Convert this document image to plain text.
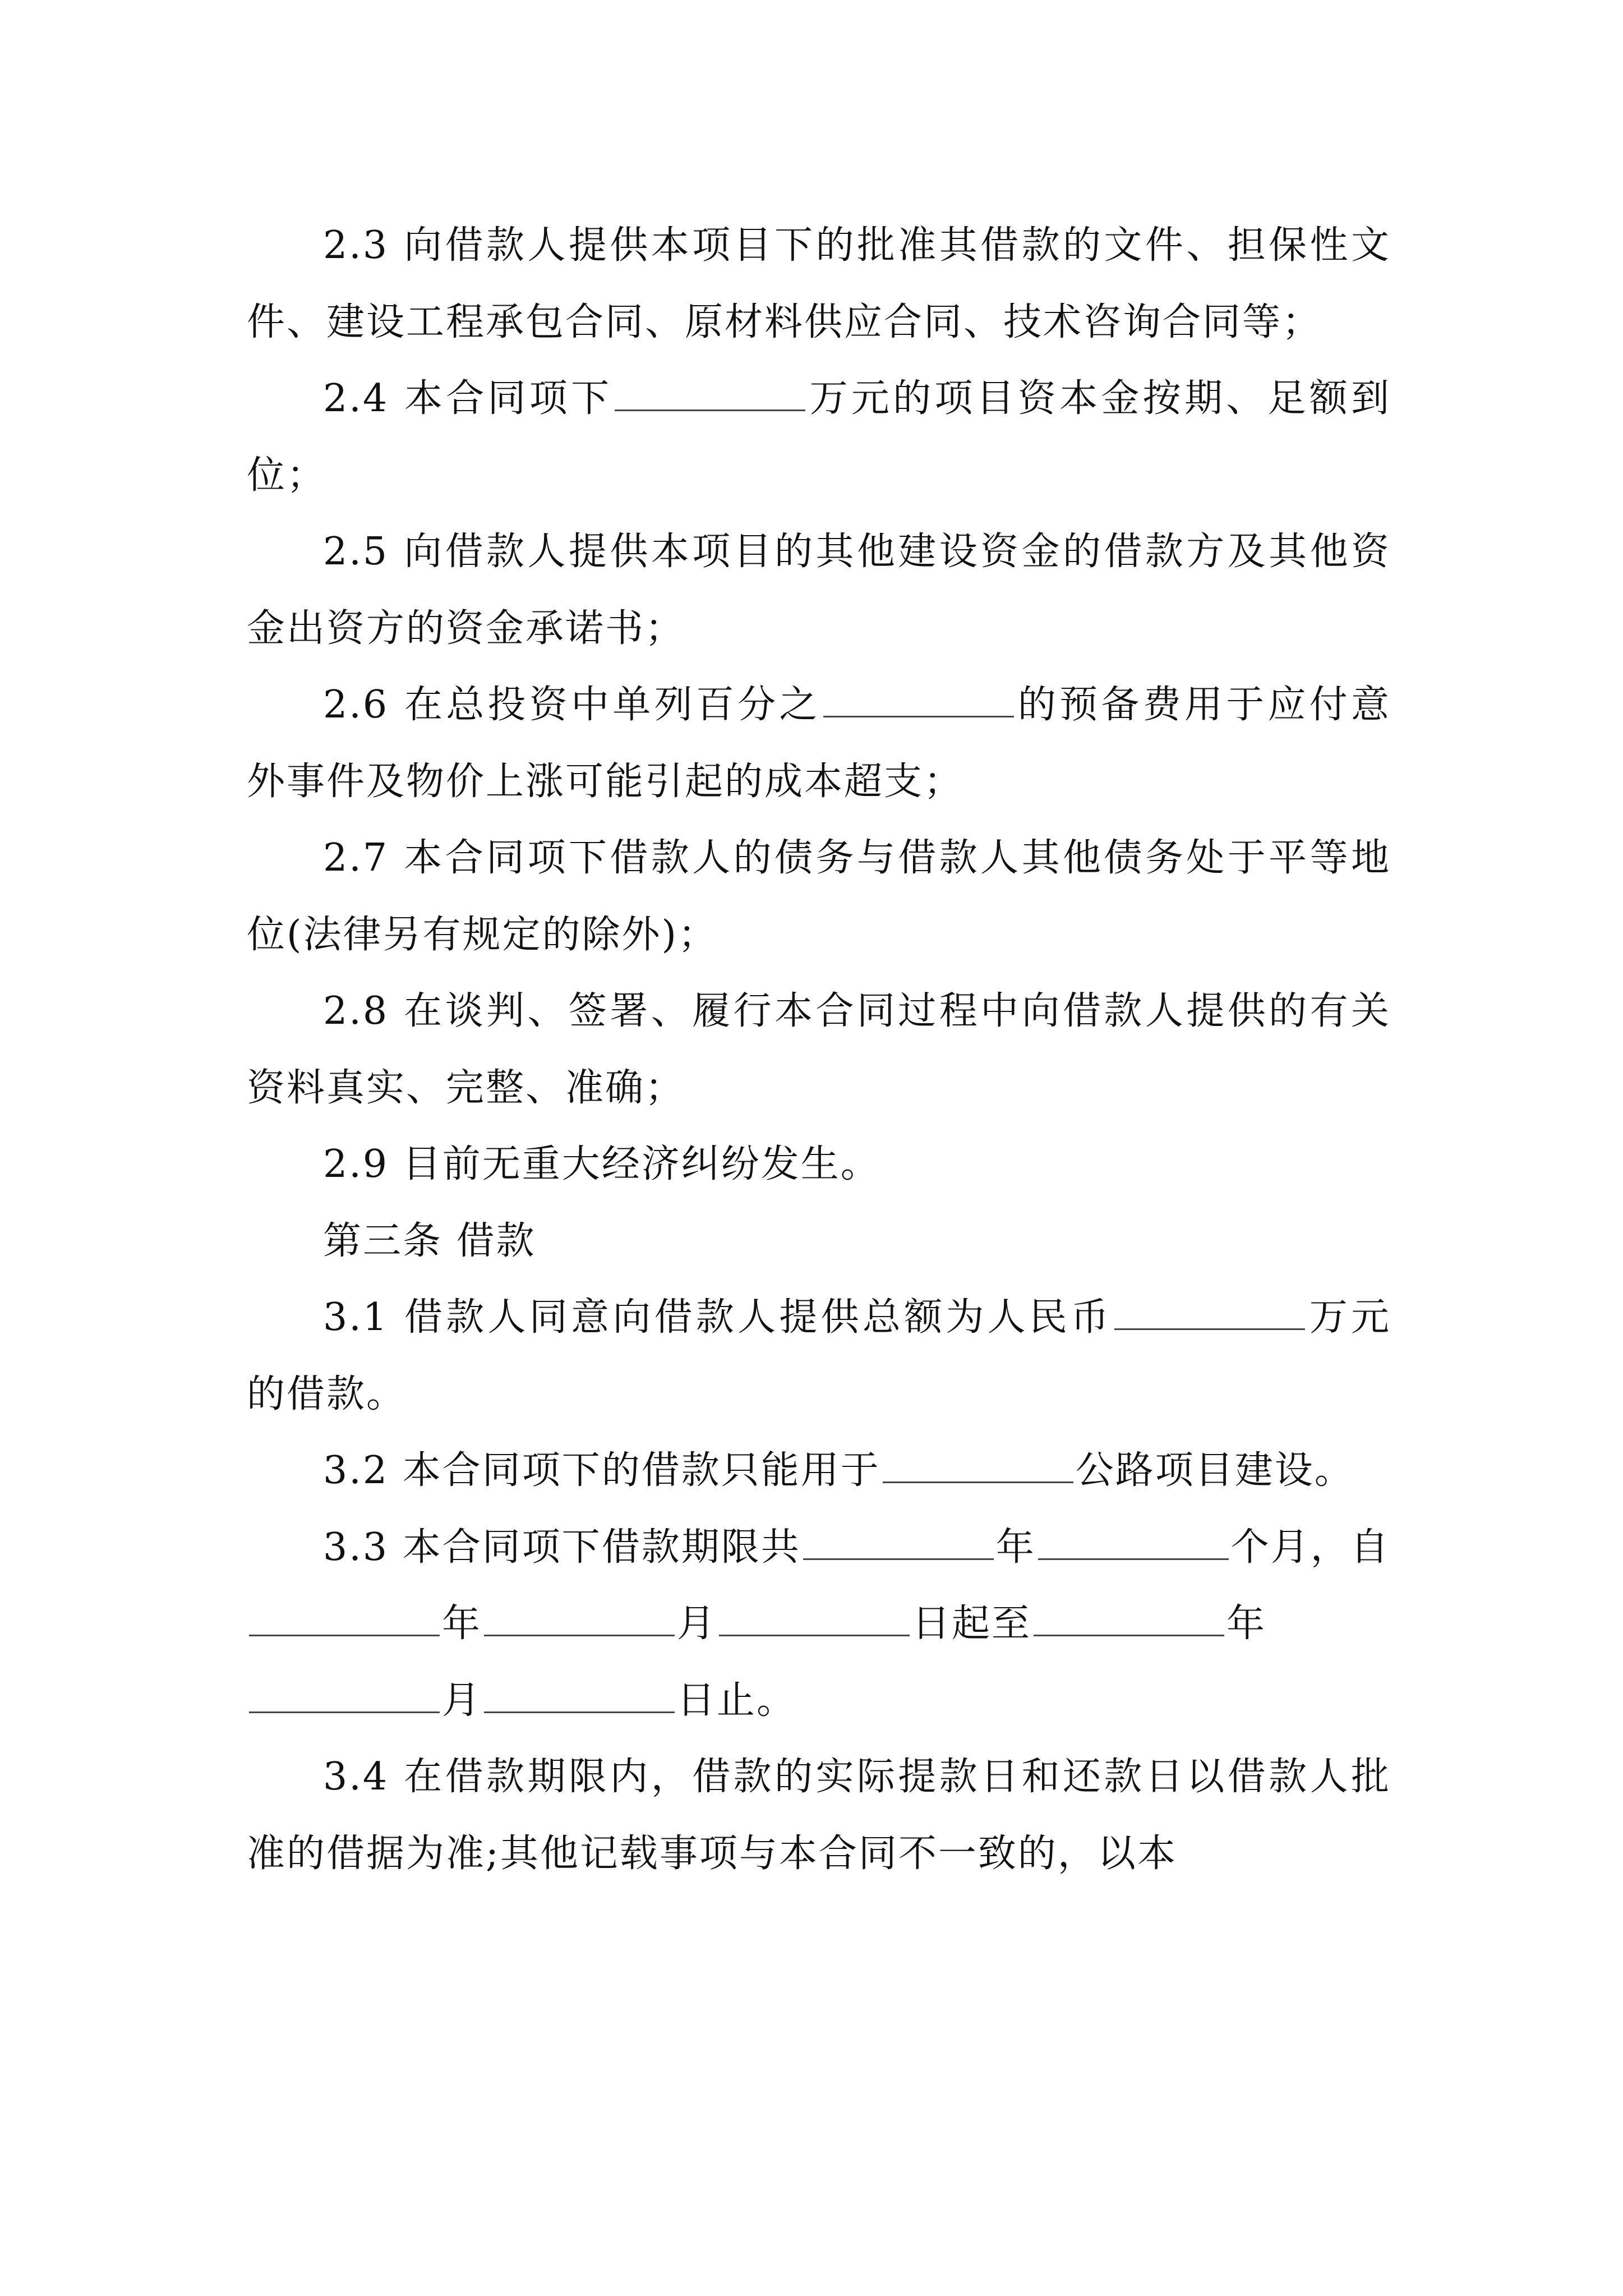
2.3 向借款人提供本项目下的批准其借款的文件、担保性文件、建设工程承包合同、原材料供应合同、技术咨询合同等；

2.4 本合同项下	万元的项目资本金按期、足额到位；

2.5 向借款人提供本项目的其他建设资金的借款方及其他资金出资方的资金承诺书；

2.6 在总投资中单列百分之	的预备费用于应付意外事件及物价上涨可能引起的成本超支；

2.7 本合同项下借款人的债务与借款人其他债务处于平等地位(法律另有规定的除外)；

2.8 在谈判、签署、履行本合同过程中向借款人提供的有关资料真实、完整、准确；

2.9 目前无重大经济纠纷发生。

第三条 借款

3.1 借款人同意向借款人提供总额为人民币	万元的借款。

3.2 本合同项下的借款只能用于	公路项目建设。

3.3 本合同项下借款期限共	年	个月，自年	月	日起至	年月	日止。

3.4 在借款期限内，借款的实际提款日和还款日以借款人批准的借据为准;其他记载事项与本合同不一致的，以本
